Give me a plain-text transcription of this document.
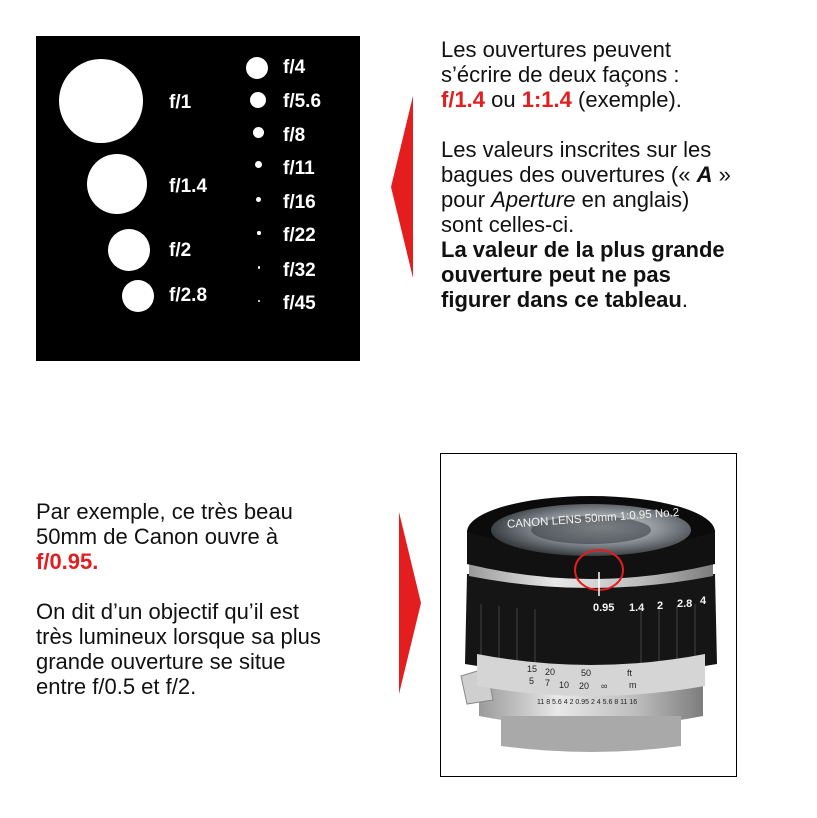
f/1
f/1.4
f/2
f/2.8
f/4
f/5.6
f/8
f/11
f/16
f/22
f/32
f/45

Les ouvertures peuvent

s’écrire de deux façons :

f/1.4 ou 1:1.4 (exemple).

Les valeurs inscrites sur les

bagues des ouvertures (« A »

pour Aperture en anglais)

sont celles-ci.

La valeur de la plus grande

ouverture peut ne pas

figurer dans ce tableau.

Par exemple, ce très beau

50mm de Canon ouvre à

f/0.95.

On dit d’un objectif qu’il est

très lumineux lorsque sa plus

grande ouverture se situe

entre f/0.5 et f/2.

CANON LENS 50mm 1:0.95 No.2
0.95 1.4 2 2.8 4
15 20	50	ft
5 7 10 20 ∞ m
11 8 5.6 4 2 0.95 2 4 5.6 8 11 16
